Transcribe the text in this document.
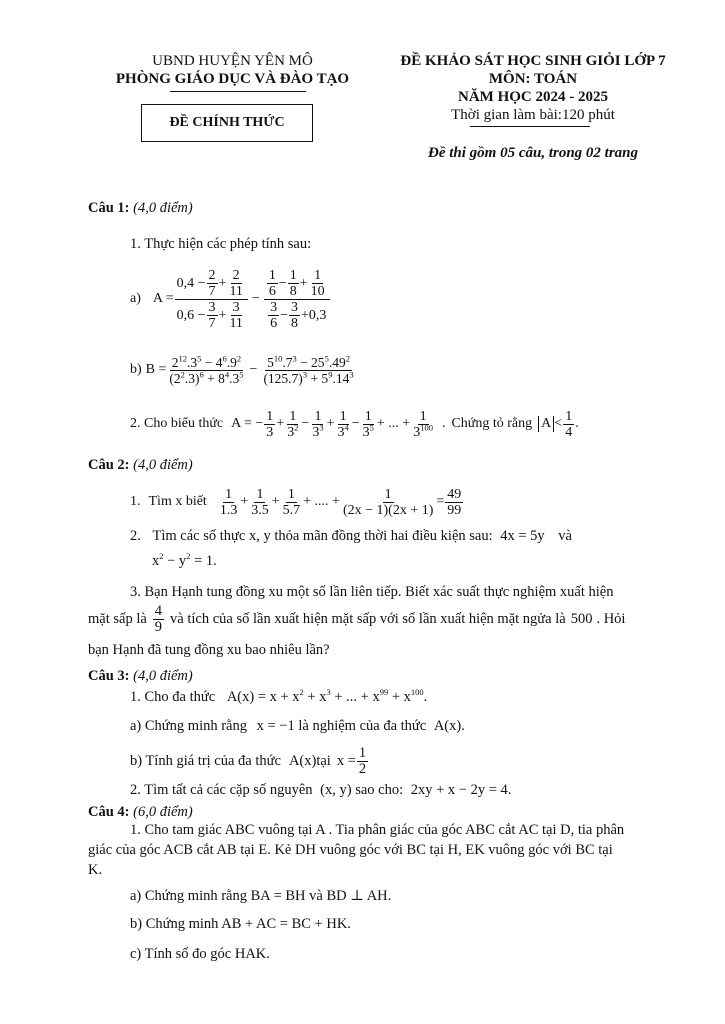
UBND HUYỆN YÊN MÔ
PHÒNG GIÁO DỤC VÀ ĐÀO TẠO
ĐỀ CHÍNH THỨC
ĐỀ KHẢO SÁT HỌC SINH GIỎI LỚP 7
MÔN: TOÁN
NĂM HỌC 2024 - 2025
Thời gian làm bài:120 phút
Đề thi gồm 05 câu, trong 02 trang
Câu 1: (4,0 điểm)
1. Thực hiện các phép tính sau:
a) $A = \frac{0,4 - \frac{2}{7} + \frac{2}{11}}{0,6 - \frac{3}{7} + \frac{3}{11}} - \frac{\frac{1}{6} - \frac{1}{8} + \frac{1}{10}}{\frac{3}{6} - \frac{3}{8} +0,3}$
b) $B = \frac{2^{12}.3^5 - 4^6.9^2}{(2^2.3)^6 + 8^4.3^5} - \frac{5^{10}.7^3 - 25^5.49^2}{(125.7)^3 + 5^9.14^3}$
2. Cho biểu thức A = − $\frac{1}{3} + \frac{1}{3^2} - \frac{1}{3^3} + \frac{1}{3^4} - \frac{1}{3^5}$ + ... + $\frac{1}{3^{100}}$ . Chứng tỏ rằng $A < \frac{1}{4}$ .
Câu 2: (4,0 điểm)
1. Tìm x biết $\frac{1}{1.3} + \frac{1}{3.5} + \frac{1}{5.7}$ + .... + $\frac{1}{(2x - 1)(2x + 1)} = \frac{49}{99}$
2. Tìm các số thực x, y thỏa mãn đồng thời hai điều kiện sau: 4x = 5y và
$x^2 - y^2 = 1$.
3. Bạn Hạnh tung đồng xu một số lần liên tiếp. Biết xác suất thực nghiệm xuất hiện
mặt sấp là $\frac{4}{9}$ và tích của số lần xuất hiện mặt sấp với số lần xuất hiện mặt ngửa là 500 . Hỏi
bạn Hạnh đã tung đồng xu bao nhiêu lần?
Câu 3: (4,0 điểm)
1. Cho đa thức $A(x) = x + x^2 + x^3$ + ... + $x^{99} + x^{100}$.
a) Chứng minh rằng x = −1 là nghiệm của đa thức A(x).
b) Tính giá trị của đa thức A(x) tại $x = \frac{1}{2}$
2. Tìm tất cả các cặp số nguyên (x, y) sao cho: 2xy + x − 2y = 4.
Câu 4: (6,0 điểm)
1. Cho tam giác ABC vuông tại A . Tia phân giác của góc ABC cắt AC tại D, tia phân
giác của góc ACB cắt AB tại E. Kẻ DH vuông góc với BC tại H, EK vuông góc với BC tại
K.
a) Chứng minh rằng BA = BH và BD ⊥ AH.
b) Chứng minh AB + AC = BC + HK.
c) Tính số đo góc HAK.
